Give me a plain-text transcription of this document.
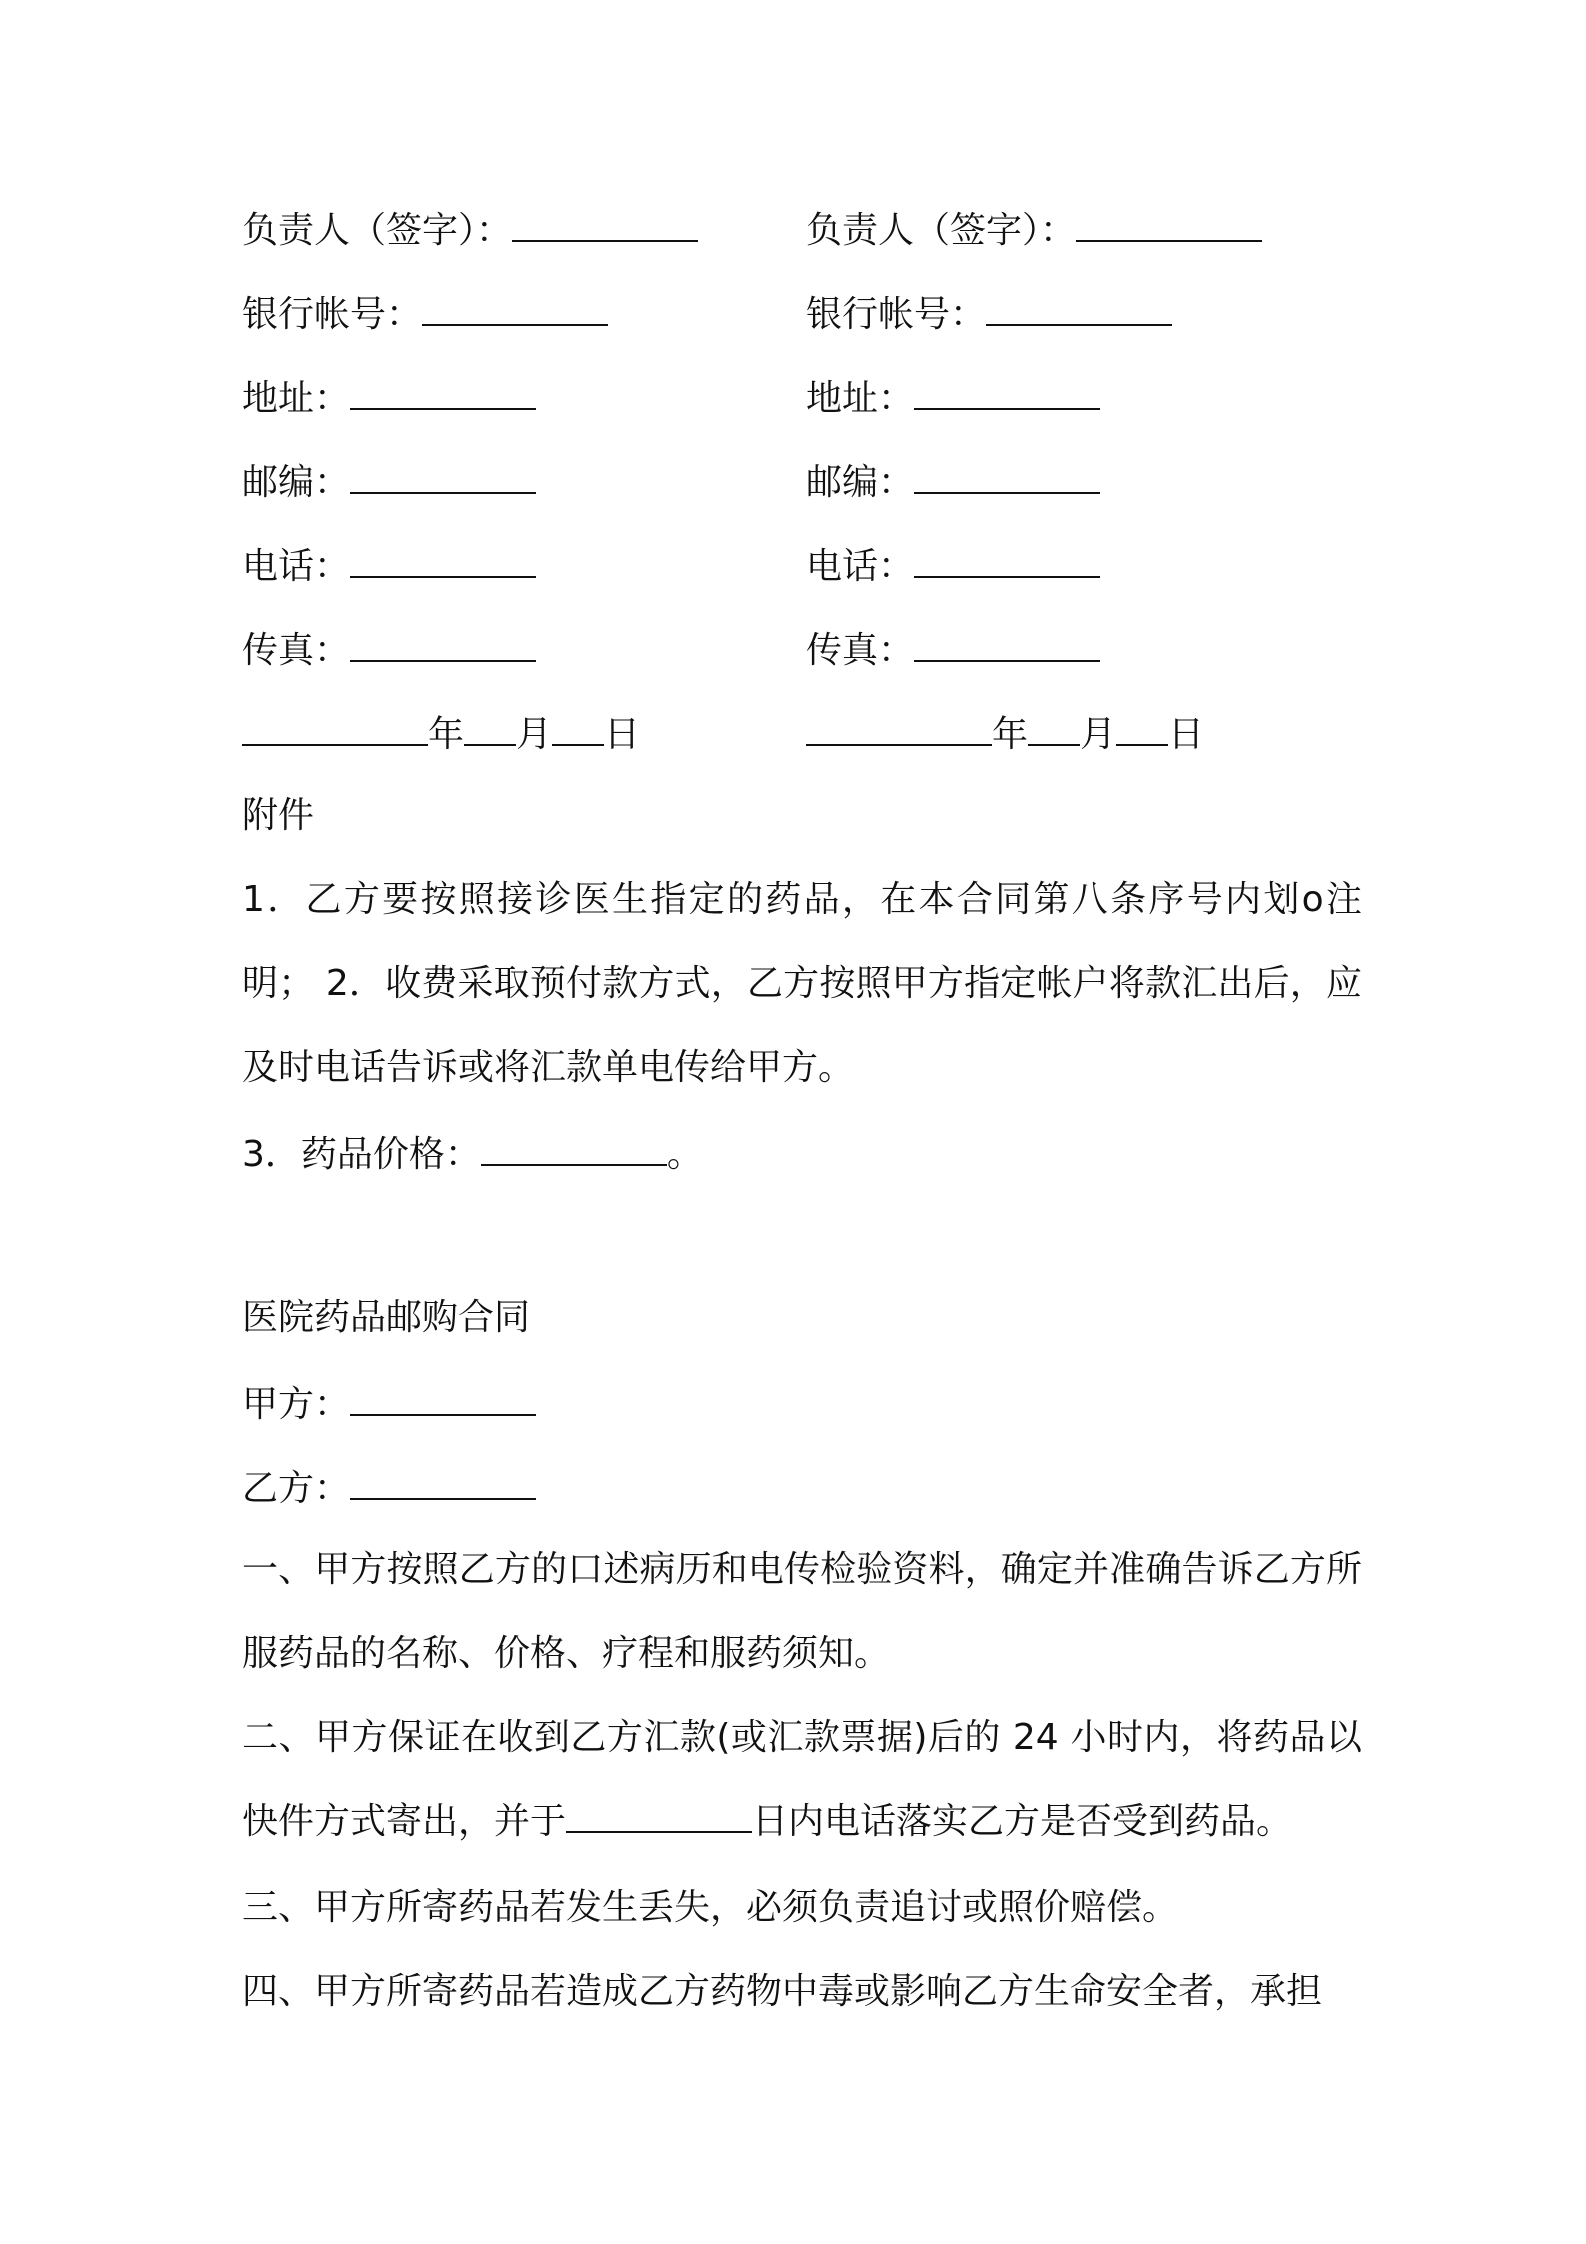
负责人（签字）：
银行帐号：
地址：
邮编：
电话：
传真：
年 月 日
负责人（签字）：
银行帐号：
地址：
邮编：
电话：
传真：
年 月 日
附件
1．乙方要按照接诊医生指定的药品，在本合同第八条序号内划o注明； 2．收费采取预付款方式，乙方按照甲方指定帐户将款汇出后，应及时电话告诉或将汇款单电传给甲方。
3．药品价格：	。
医院药品邮购合同
甲方：
乙方：
一、甲方按照乙方的口述病历和电传检验资料，确定并准确告诉乙方所服药品的名称、价格、疗程和服药须知。
二、甲方保证在收到乙方汇款(或汇款票据)后的 24 小时内，将药品以快件方式寄出，并于	日内电话落实乙方是否受到药品。
三、甲方所寄药品若发生丢失，必须负责追讨或照价赔偿。
四、甲方所寄药品若造成乙方药物中毒或影响乙方生命安全者，承担
